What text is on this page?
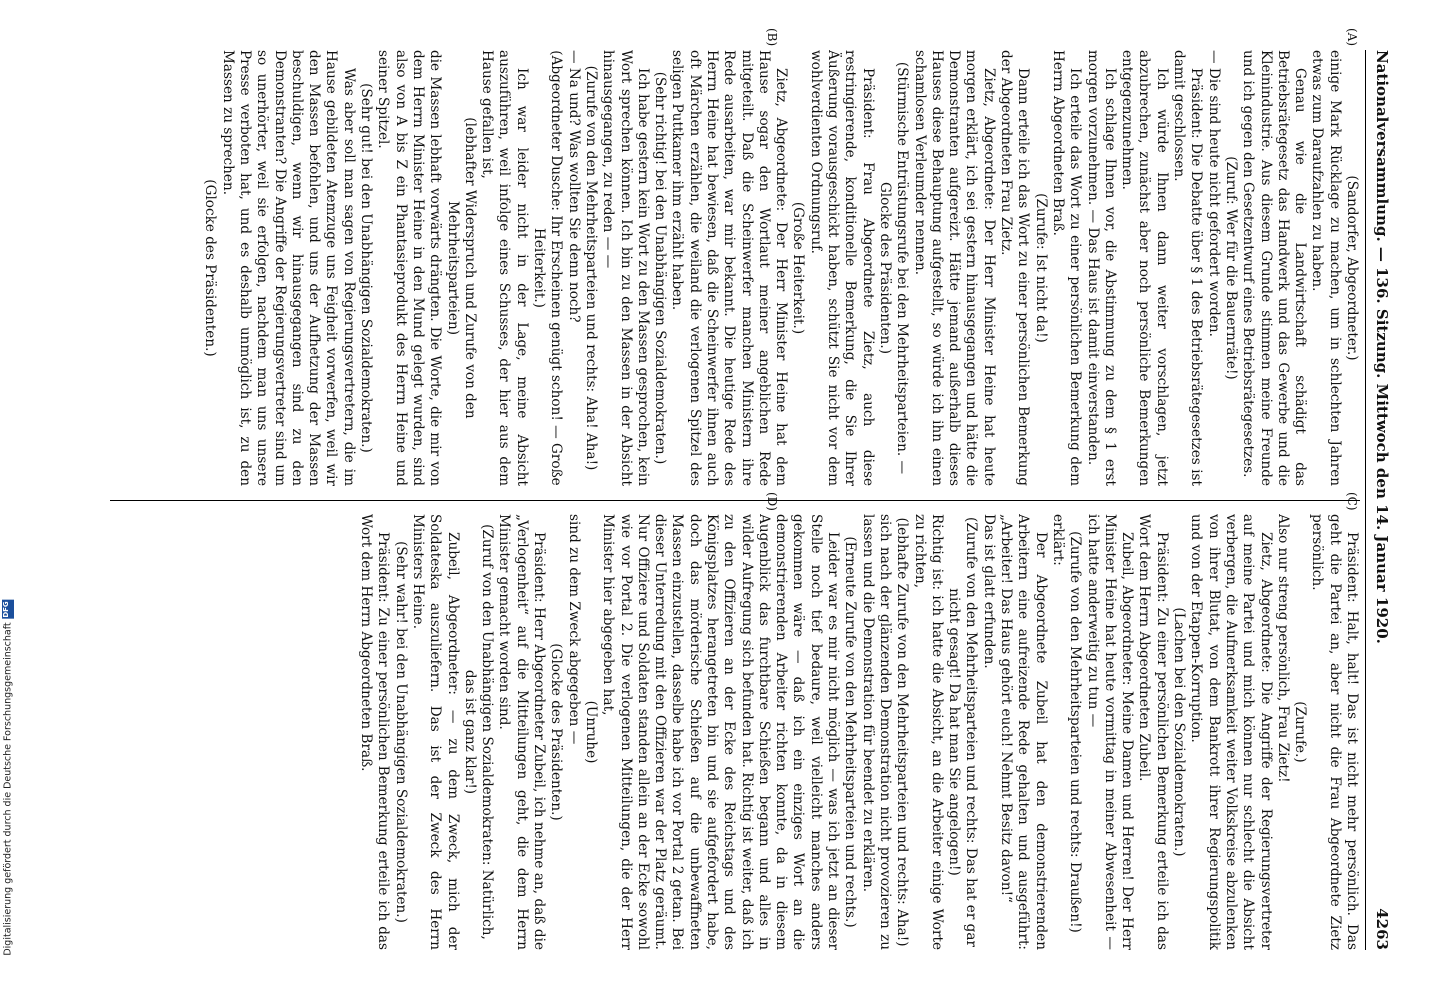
Nationalversammlung. — 136. Sitzung. Mittwoch den 14. Januar 1920.
4263
(A)
(B)
(C)
(D)

(Sandorfer, Abgeordneter.)

einige Mark Rücklage zu machen, um in schlechten Jahren etwas zum Daraufzahlen zu haben.

Genau wie die Landwirtschaft schädigt das Betriebsrätegesetz das Handwerk und das Gewerbe und die Kleinindustrie. Aus diesem Grunde stimmen meine Freunde und ich gegen den Gesetzentwurf eines Betriebsrätegesetzes.

(Zuruf: Wer für die Bauernräte!)

— Die sind heute nicht gefordert worden.

Präsident: Die Debatte über § 1 des Betriebsrätegesetzes ist damit geschlossen.

Ich würde Ihnen dann weiter vorschlagen, jetzt abzubrechen, zunächst aber noch persönliche Bemerkungen entgegenzunehmen.

Ich schlage Ihnen vor, die Abstimmung zu dem § 1 erst morgen vorzunehmen. — Das Haus ist damit einverstanden.

Ich erteile das Wort zu einer persönlichen Bemerkung dem Herrn Abgeordneten Braß.

(Zurufe: Ist nicht da!)

Dann erteile ich das Wort zu einer persönlichen Bemerkung der Abgeordneten Frau Zietz.

Zietz, Abgeordnete: Der Herr Minister Heine hat heute morgen erklärt, ich sei gestern hinausgegangen und hätte die Demonstranten aufgereizt. Hätte jemand außerhalb dieses Hauses diese Behauptung aufgestellt, so würde ich ihn einen schamlosen Verleumder nennen.

(Stürmische Entrüstungsrufe bei den Mehrheitsparteien. — Glocke des Präsidenten.)

Präsident: Frau Abgeordnete Zietz, auch diese restringierende, konditionelle Bemerkung, die Sie Ihrer Äußerung vorausgeschickt haben, schützt Sie nicht vor dem wohlverdienten Ordnungsruf.

(Große Heiterkeit.)

Zietz, Abgeordnete: Der Herr Minister Heine hat dem Hause sogar den Wortlaut meiner angeblichen Rede mitgeteilt. Daß die Scheinwerfer manchen Ministern ihre Rede ausarbeiten, war mir bekannt. Die heutige Rede des Herrn Heine hat bewiesen, daß die Scheinwerfer ihnen auch oft Märchen erzählen, die weiland die verlogenen Spitzel des seligen Puttkamer ihm erzählt haben.

(Sehr richtig! bei den Unabhängigen Sozialdemokraten.)

Ich habe gestern kein Wort zu den Massen gesprochen, kein Wort sprechen können. Ich bin zu den Massen in der Absicht hinausgegangen, zu reden — —

(Zurufe von den Mehrheitsparteien und rechts: Aha! Aha!)

— Na und? Was wollten Sie denn noch?

(Abgeordneter Dusche: Ihr Erscheinen genügt schon! — Große Heiterkeit.)

Ich war leider nicht in der Lage, meine Absicht auszuführen, weil infolge eines Schusses, der hier aus dem Hause gefallen ist,

(lebhafter Widerspruch und Zurufe von den Mehrheitsparteien)

die Massen lebhaft vorwärts drängten. Die Worte, die mir von dem Herrn Minister Heine in den Mund gelegt wurden, sind also von A bis Z ein Phantasieprodukt des Herrn Heine und seiner Spitzel.

(Sehr gut! bei den Unabhängigen Sozialdemokraten.)

Was aber soll man sagen von Regierungsvertretern, die im Hause gebildeten Atemzuge uns Feigheit vorwerfen, weil wir den Massen befohlen, und uns der Aufhetzung der Massen beschuldigen, wenn wir hinausgegangen sind zu den Demonstranten? Die Angriffe der Regierungsvertreter sind um so unerhörter, weil sie erfolgen, nachdem man uns unsere Presse verboten hat, und es deshalb unmöglich ist, zu den Massen zu sprechen.

(Glocke des Präsidenten.)

Präsident: Halt, halt! Das ist nicht mehr persönlich. Das geht die Partei an, aber nicht die Frau Abgeordnete Zietz persönlich.

(Zurufe.)

Also nur streng persönlich, Frau Zietz!

Zietz, Abgeordnete: Die Angriffe der Regierungsvertreter auf meine Partei und mich können nur schlecht die Absicht verbergen, die Aufmerksamkeit weiter Volkskreise abzulenken von ihrer Blutat, von dem Bankrott ihrer Regierungspolitik und von der Etappen-Korruption.

(Lachen bei den Sozialdemokraten.)

Präsident: Zu einer persönlichen Bemerkung erteile ich das Wort dem Herrn Abgeordneten Zubeil.

Zubeil, Abgeordneter: Meine Damen und Herren! Der Herr Minister Heine hat heute vormittag in meiner Abwesenheit — ich hatte anderweitig zu tun —

(Zurufe von den Mehrheitsparteien und rechts: Draußen!)

erklärt:

Der Abgeordnete Zubeil hat den demonstrierenden Arbeitern eine aufreizende Rede gehalten und ausgeführt: „Arbeiter! Das Haus gehört euch! Nehmt Besitz davon!“

Das ist glatt erfunden.

(Zurufe von den Mehrheitsparteien und rechts: Das hat er gar nicht gesagt! Da hat man Sie angelogen!)

Richtig ist: ich hatte die Absicht, an die Arbeiter einige Worte zu richten,

(lebhafte Zurufe von den Mehrheitsparteien und rechts: Aha!)

sich nach der glänzenden Demonstration nicht provozieren zu lassen und die Demonstration für beendet zu erklären.

(Erneute Zurufe von den Mehrheitsparteien und rechts.)

Leider war es mir nicht möglich — was ich jetzt an dieser Stelle noch tief bedaure, weil vielleicht manches anders gekommen wäre — daß ich ein einziges Wort an die demonstrierenden Arbeiter richten konnte, da in diesem Augenblick das furchtbare Schießen begann und alles in wilder Aufregung sich befunden hat. Richtig ist weiter, daß ich zu den Offizieren an der Ecke des Reichstags und des Königsplatzes herangetreten bin und sie aufgefordert habe, doch das mörderische Schießen auf die unbewaffneten Massen einzustellen, dasselbe habe ich vor Portal 2 getan. Bei dieser Unterredung mit den Offizieren war der Platz geräumt. Nur Offiziere und Soldaten standen allein an der Ecke sowohl wie vor Portal 2. Die verlogenen Mitteilungen, die der Herr Minister hier abgegeben hat,

(Unruhe)

sind zu dem Zweck abgegeben —

(Glocke des Präsidenten.)

Präsident: Herr Abgeordneter Zubeil, ich nehme an, daß die „Verlogenheit“ auf die Mitteilungen geht, die dem Herrn Minister gemacht worden sind.

(Zuruf von den Unabhängigen Sozialdemokraten: Natürlich, das ist ganz klar!)

Zubeil, Abgeordneter: — zu dem Zweck, mich der Soldateska auszuliefern. Das ist der Zweck des Herrn Ministers Heine.

(Sehr wahr! bei den Unabhängigen Sozialdemokraten.)

Präsident: Zu einer persönlichen Bemerkung erteile ich das Wort dem Herrn Abgeordneten Braß.

Digitalisierung gefördert durch die Deutsche Forschungsgemeinschaft
DFG
